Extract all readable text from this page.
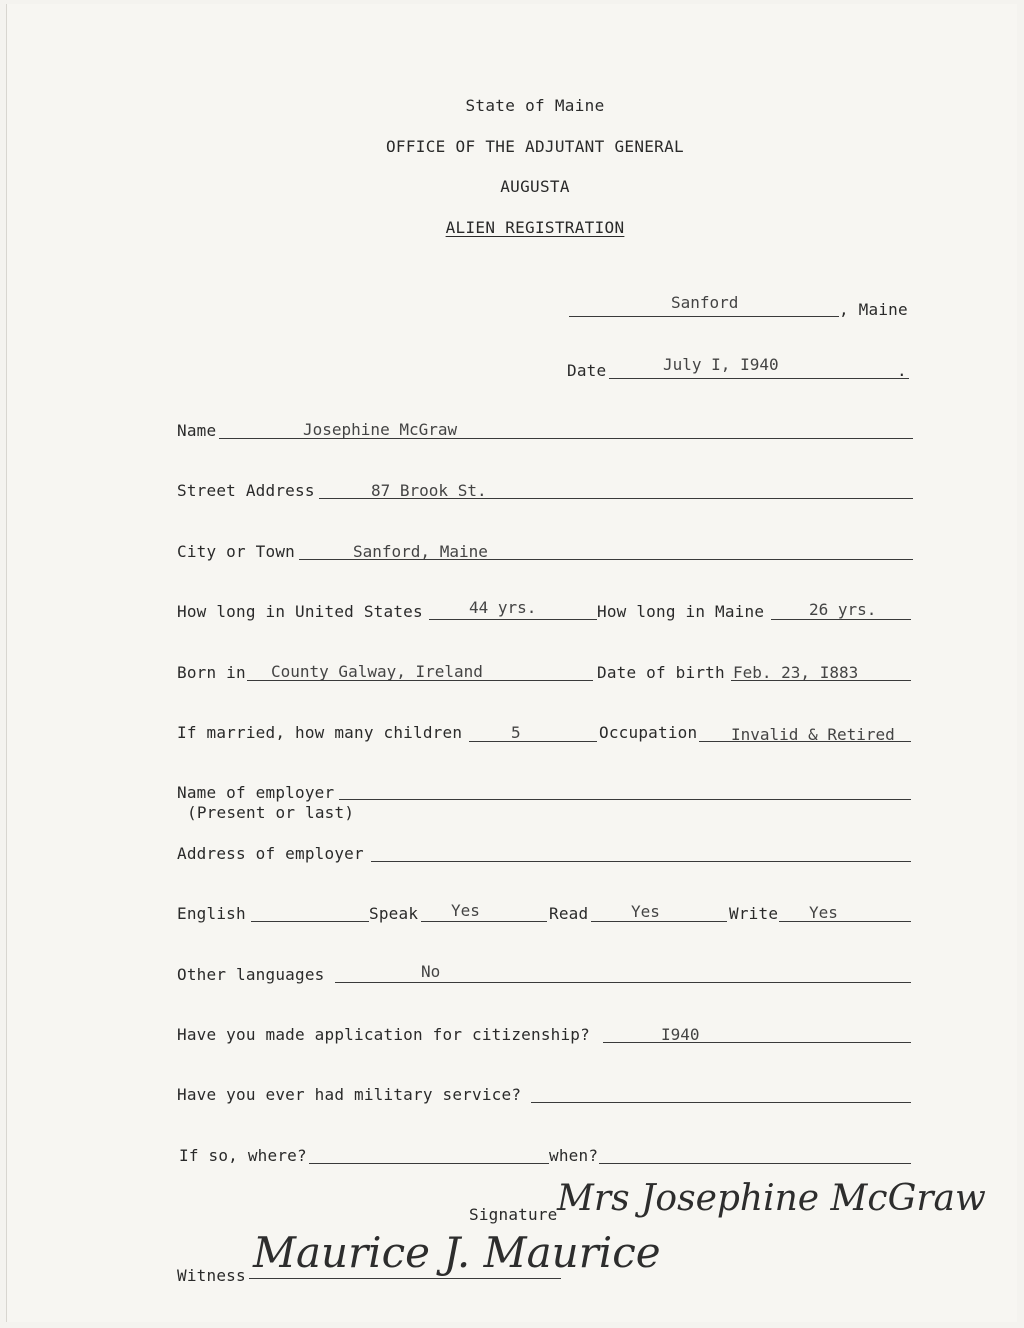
State of Maine
OFFICE OF THE ADJUTANT GENERAL
AUGUSTA
ALIEN REGISTRATION
Sanford	, Maine
Date	July I, I940	.
Name	Josephine McGraw
Street Address	87 Brook St.
City or Town	Sanford, Maine
How long in United States	44 yrs.	How long in Maine	26 yrs.
Born in County Galway, Ireland	Date of birth Feb. 23, I883
If married, how many children	5	Occupation Invalid & Retired
Name of employer
(Present or last)
Address of employer
English	Speak Yes	Read	Yes	Write Yes
Other languages	No
Have you made application for citizenship?	I940
Have you ever had military service?
If so, where?	when?
Signature Mrs Josephine McGraw
Witness Maurice J. Maurice
